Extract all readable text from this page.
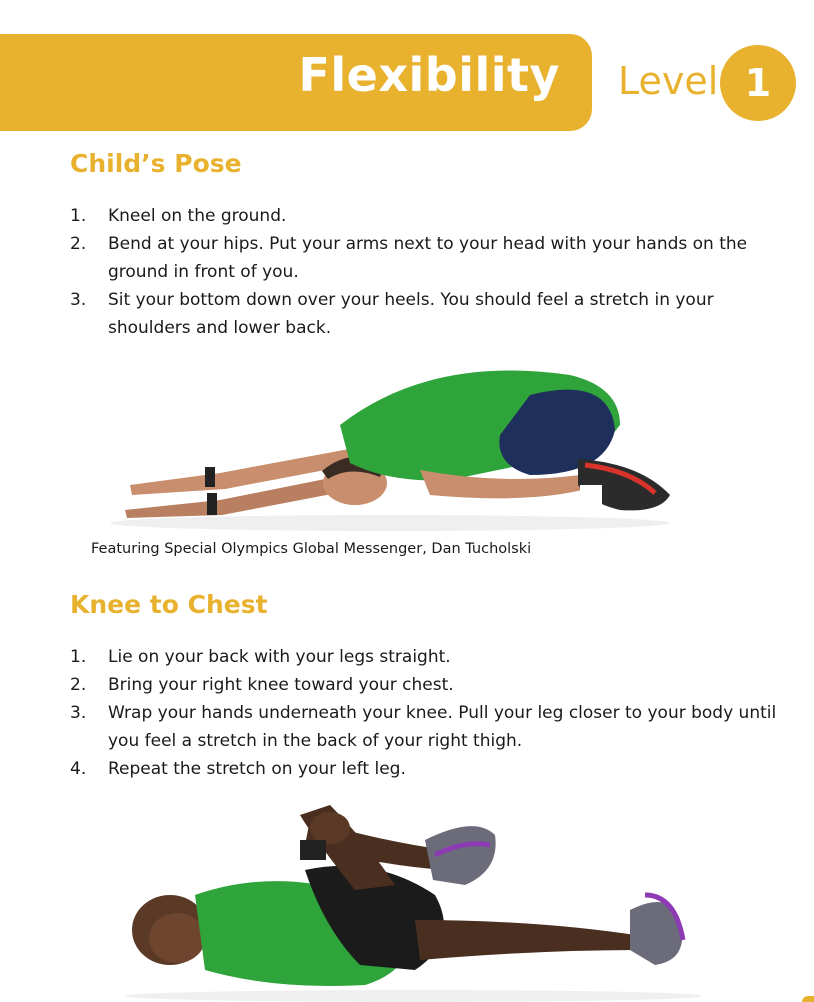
Flexibility Level 1
Child’s Pose
1.	Kneel on the ground.
2.	Bend at your hips. Put your arms next to your head with your hands on the ground in front of you.
3.	Sit your bottom down over your heels. You should feel a stretch in your shoulders and lower back.

Featuring Special Olympics Global Messenger, Dan Tucholski

Knee to Chest
1.	Lie on your back with your legs straight.
2.	Bring your right knee toward your chest.
3.	Wrap your hands underneath your knee. Pull your leg closer to your body until you feel a stretch in the back of your right thigh.
4.	Repeat the stretch on your left leg.
